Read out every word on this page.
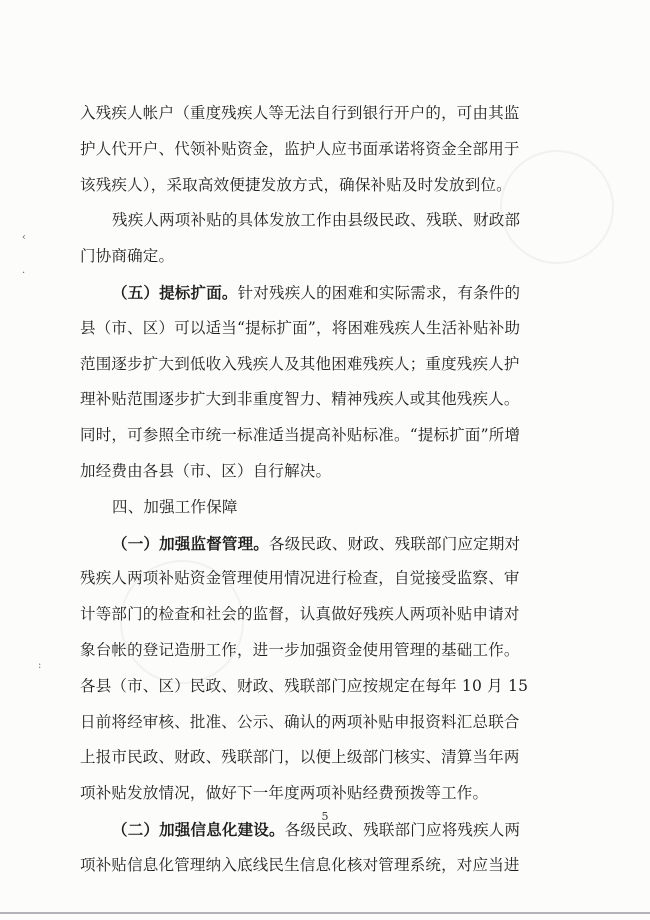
‹
·
:
入残疾人帐户（重度残疾人等无法自行到银行开户的，可由其监
护人代开户、代领补贴资金，监护人应书面承诺将资金全部用于
该残疾人），采取高效便捷发放方式，确保补贴及时发放到位。
残疾人两项补贴的具体发放工作由县级民政、残联、财政部
门协商确定。
（五）提标扩面。针对残疾人的困难和实际需求，有条件的
县（市、区）可以适当“提标扩面”，将困难残疾人生活补贴补助
范围逐步扩大到低收入残疾人及其他困难残疾人；重度残疾人护
理补贴范围逐步扩大到非重度智力、精神残疾人或其他残疾人。
同时，可参照全市统一标准适当提高补贴标准。“提标扩面”所增
加经费由各县（市、区）自行解决。
四、加强工作保障
（一）加强监督管理。各级民政、财政、残联部门应定期对
残疾人两项补贴资金管理使用情况进行检查，自觉接受监察、审
计等部门的检查和社会的监督，认真做好残疾人两项补贴申请对
象台帐的登记造册工作，进一步加强资金使用管理的基础工作。
各县（市、区）民政、财政、残联部门应按规定在每年 10 月 15
日前将经审核、批准、公示、确认的两项补贴申报资料汇总联合
上报市民政、财政、残联部门，以便上级部门核实、清算当年两
项补贴发放情况，做好下一年度两项补贴经费预拨等工作。
（二）加强信息化建设。各级民政、残联部门应将残疾人两
项补贴信息化管理纳入底线民生信息化核对管理系统，对应当进
5
